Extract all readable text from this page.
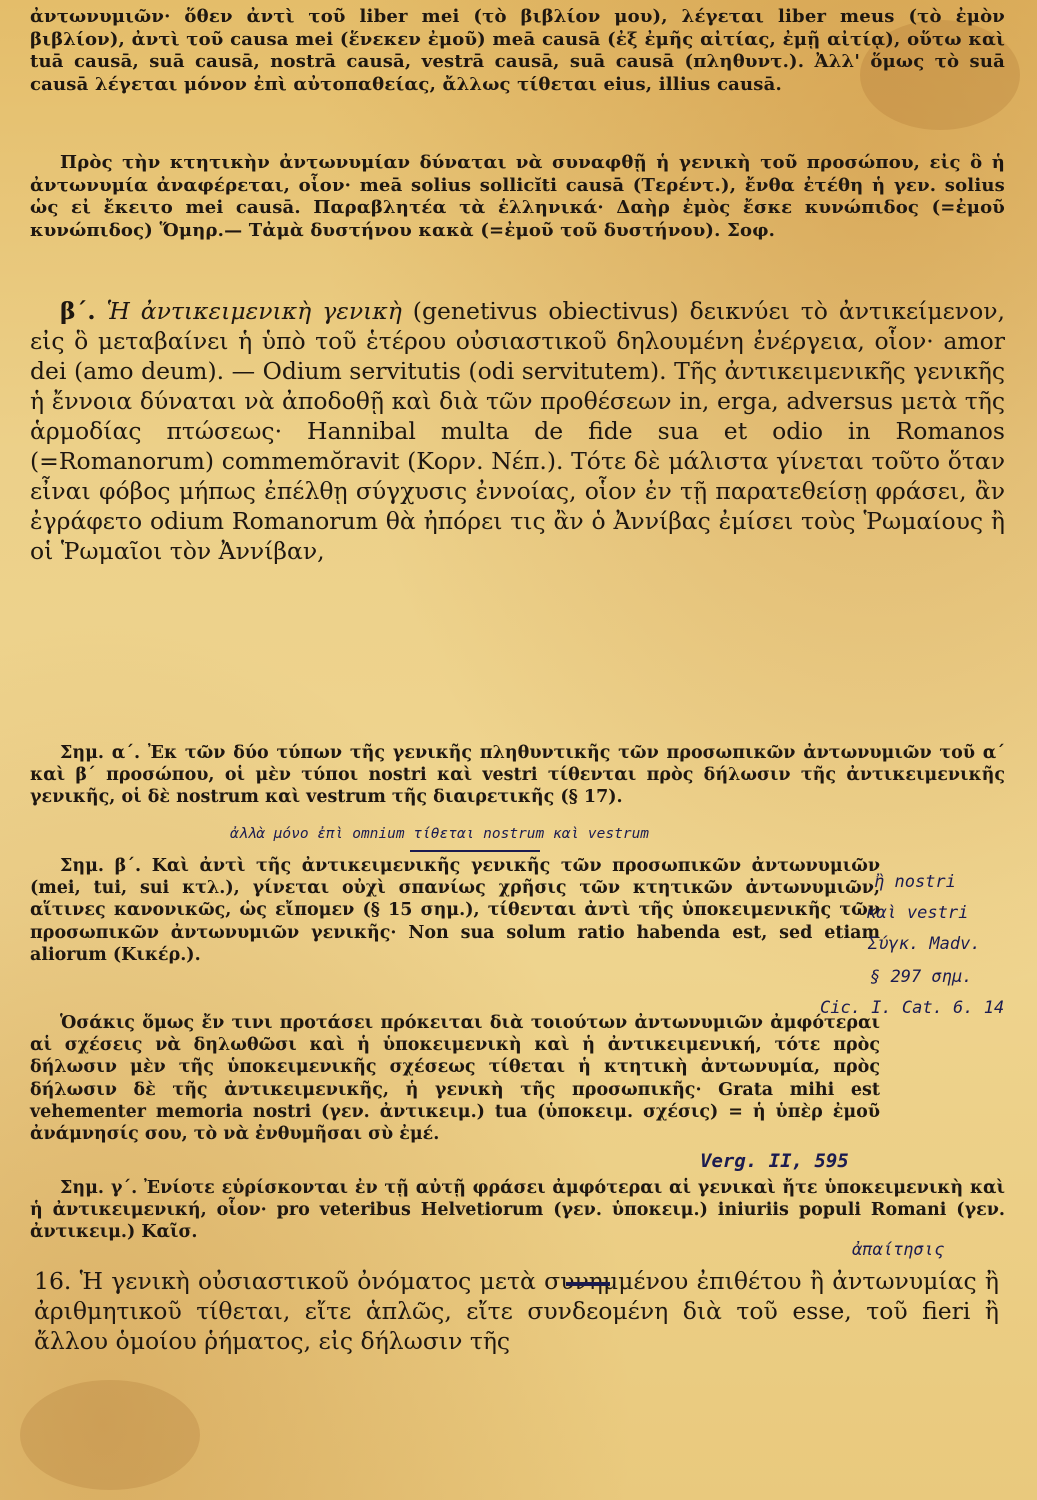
ἀντωνυμιῶν· ὅθεν ἀντὶ τοῦ liber mei (τὸ βιβλίον μου), λέγεται liber meus (τὸ ἐμὸν βιβλίον), ἀντὶ τοῦ causa mei (ἕνεκεν ἐμοῦ) meā causā (ἐξ ἐμῆς αἰτίας, ἐμῇ αἰτίᾳ), οὕτω καὶ tuā causā, suā causā, nostrā causā, vestrā causā, suā causā (πληθυντ.). Ἀλλ' ὅμως τὸ suā causā λέγεται μόνον ἐπὶ αὐτοπαθείας, ἄλλως τίθεται eius, illius causā.

Πρὸς τὴν κτητικὴν ἀντωνυμίαν δύναται νὰ συναφθῇ ἡ γενικὴ τοῦ προσώπου, εἰς ὃ ἡ ἀντωνυμία ἀναφέρεται, οἷον· meā solius sollicĭti causā (Τερέντ.), ἔνθα ἐτέθη ἡ γεν. solius ὡς εἰ ἔκειτο mei causā. Παραβλητέα τὰ ἑλληνικά· Δαὴρ ἐμὸς ἔσκε κυνώπιδος (=ἐμοῦ κυνώπιδος) Ὅμηρ.— Τἀμὰ δυστήνου κακὰ (=ἐμοῦ τοῦ δυστήνου). Σοφ.

β΄. Ἡ ἀντικειμενικὴ γενικὴ (genetivus obiectivus) δεικνύει τὸ ἀντικείμενον, εἰς ὃ μεταβαίνει ἡ ὑπὸ τοῦ ἑτέρου οὐσιαστικοῦ δηλουμένη ἐνέργεια, οἷον· amor dei (amo deum). — Odium servitutis (odi servitutem). Τῆς ἀντικειμενικῆς γενικῆς ἡ ἔννοια δύναται νὰ ἀποδοθῇ καὶ διὰ τῶν προθέσεων in, erga, adversus μετὰ τῆς ἁρμοδίας πτώσεως· Hannibal multa de fide sua et odio in Romanos (=Romanorum) commemŏravit (Κορν. Νέπ.). Τότε δὲ μάλιστα γίνεται τοῦτο ὅταν εἶναι φόβος μήπως ἐπέλθῃ σύγχυσις ἐννοίας, οἷον ἐν τῇ παρατεθείσῃ φράσει, ἂν ἐγράφετο odium Romanorum θὰ ἠπόρει τις ἂν ὁ Ἀννίβας ἐμίσει τοὺς Ῥωμαίους ἢ οἱ Ῥωμαῖοι τὸν Ἀννίβαν,

Σημ. α΄. Ἐκ τῶν δύο τύπων τῆς γενικῆς πληθυντικῆς τῶν προσωπικῶν ἀντωνυμιῶν τοῦ α΄ καὶ β΄ προσώπου, οἱ μὲν τύποι nostri καὶ vestri τίθενται πρὸς δήλωσιν τῆς ἀντικειμενικῆς γενικῆς, οἱ δὲ nostrum καὶ vestrum τῆς διαιρετικῆς (§ 17).

Σημ. β΄. Καὶ ἀντὶ τῆς ἀντικειμενικῆς γενικῆς τῶν προσωπικῶν ἀντωνυμιῶν (mei, tui, sui κτλ.), γίνεται οὐχὶ σπανίως χρῆσις τῶν κτητικῶν ἀντωνυμιῶν, αἵτινες κανονικῶς, ὡς εἴπομεν (§ 15 σημ.), τίθενται ἀντὶ τῆς ὑποκειμενικῆς τῶν προσωπικῶν ἀντωνυμιῶν γενικῆς· Non sua solum ratio habenda est, sed etiam aliorum (Κικέρ.).

Ὁσάκις ὅμως ἔν τινι προτάσει πρόκειται διὰ τοιούτων ἀντωνυμιῶν ἀμφότεραι αἱ σχέσεις νὰ δηλωθῶσι καὶ ἡ ὑποκειμενικὴ καὶ ἡ ἀντικειμενική, τότε πρὸς δήλωσιν μὲν τῆς ὑποκειμενικῆς σχέσεως τίθεται ἡ κτητικὴ ἀντωνυμία, πρὸς δήλωσιν δὲ τῆς ἀντικειμενικῆς, ἡ γενικὴ τῆς προσωπικῆς· Grata mihi est vehementer memoria nostri (γεν. ἀντικειμ.) tua (ὑποκειμ. σχέσις) = ἡ ὑπὲρ ἐμοῦ ἀνάμνησίς σου, τὸ νὰ ἐνθυμῆσαι σὺ ἐμέ.

Σημ. γ΄. Ἐνίοτε εὑρίσκονται ἐν τῇ αὐτῇ φράσει ἀμφότεραι αἱ γενικαὶ ἤτε ὑποκειμενικὴ καὶ ἡ ἀντικειμενική, οἷον· pro veteribus Helvetiorum (γεν. ὑποκειμ.) iniuriis populi Romani (γεν. ἀντικειμ.) Καῖσ.

16. Ἡ γενικὴ οὐσιαστικοῦ ὀνόματος μετὰ συνημμένου ἐπιθέτου ἢ ἀντωνυμίας ἢ ἀριθμητικοῦ τίθεται, εἴτε ἁπλῶς, εἴτε συνδεομένη διὰ τοῦ esse, τοῦ fieri ἢ ἄλλου ὁμοίου ῥήματος, εἰς δήλωσιν τῆς

ἀλλὰ μόνο ἐπὶ omnium τίθεται nostrum καὶ vestrum
ἢ nostri
καὶ vestri
Σύγκ. Madv.
§ 297 σημ.
Cic. I. Cat. 6. 14
Verg. II, 595
ἀπαίτησις
